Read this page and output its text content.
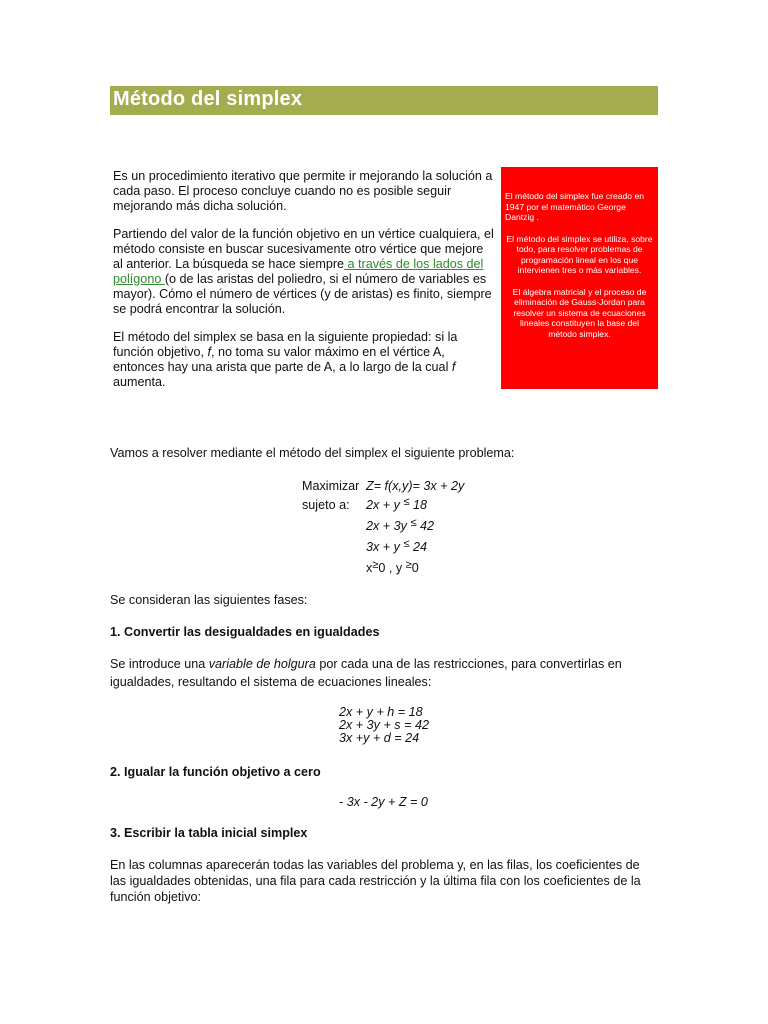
Método del simplex

Es un procedimiento iterativo que permite ir mejorando la solución a cada paso. El proceso concluye cuando no es posible seguir mejorando más dicha solución.

Partiendo del valor de la función objetivo en un vértice cualquiera, el método consiste en buscar sucesivamente otro vértice que mejore al anterior. La búsqueda se hace siempre a través de los lados del polígono (o de las aristas del poliedro, si el número de variables es mayor). Cómo el número de vértices (y de aristas) es finito, siempre se podrá encontrar la solución.

El método del simplex se basa en la siguiente propiedad: si la función objetivo, f, no toma su valor máximo en el vértice A, entonces hay una arista que parte de A, a lo largo de la cual f aumenta.

El método del simplex fue creado en 1947 por el matemático George Dantzig .

El método del simplex se utiliza, sobre todo, para resolver problemas de programación lineal en los que intervienen tres o más variables.

El álgebra matricial y el proceso de eliminación de Gauss-Jordan para resolver un sistema de ecuaciones lineales constituyen la base del método simplex.

Vamos a resolver mediante el método del simplex el siguiente problema:
Maximizar Z= f(x,y)= 3x + 2y
sujeto a: 2x + y ≤ 18
2x + 3y ≤ 42
3x + y ≤ 24
x≥0 , y ≥0
Se consideran las siguientes fases:
1. Convertir las desigualdades en igualdades
Se introduce una variable de holgura por cada una de las restricciones, para convertirlas en igualdades, resultando el sistema de ecuaciones lineales:
2x + y + h = 18
2x + 3y + s = 42
3x +y + d = 24
2. Igualar la función objetivo a cero
- 3x - 2y + Z = 0
3. Escribir la tabla inicial simplex
En las columnas aparecerán todas las variables del problema y, en las filas, los coeficientes de las igualdades obtenidas, una fila para cada restricción y la última fila con los coeficientes de la función objetivo:
